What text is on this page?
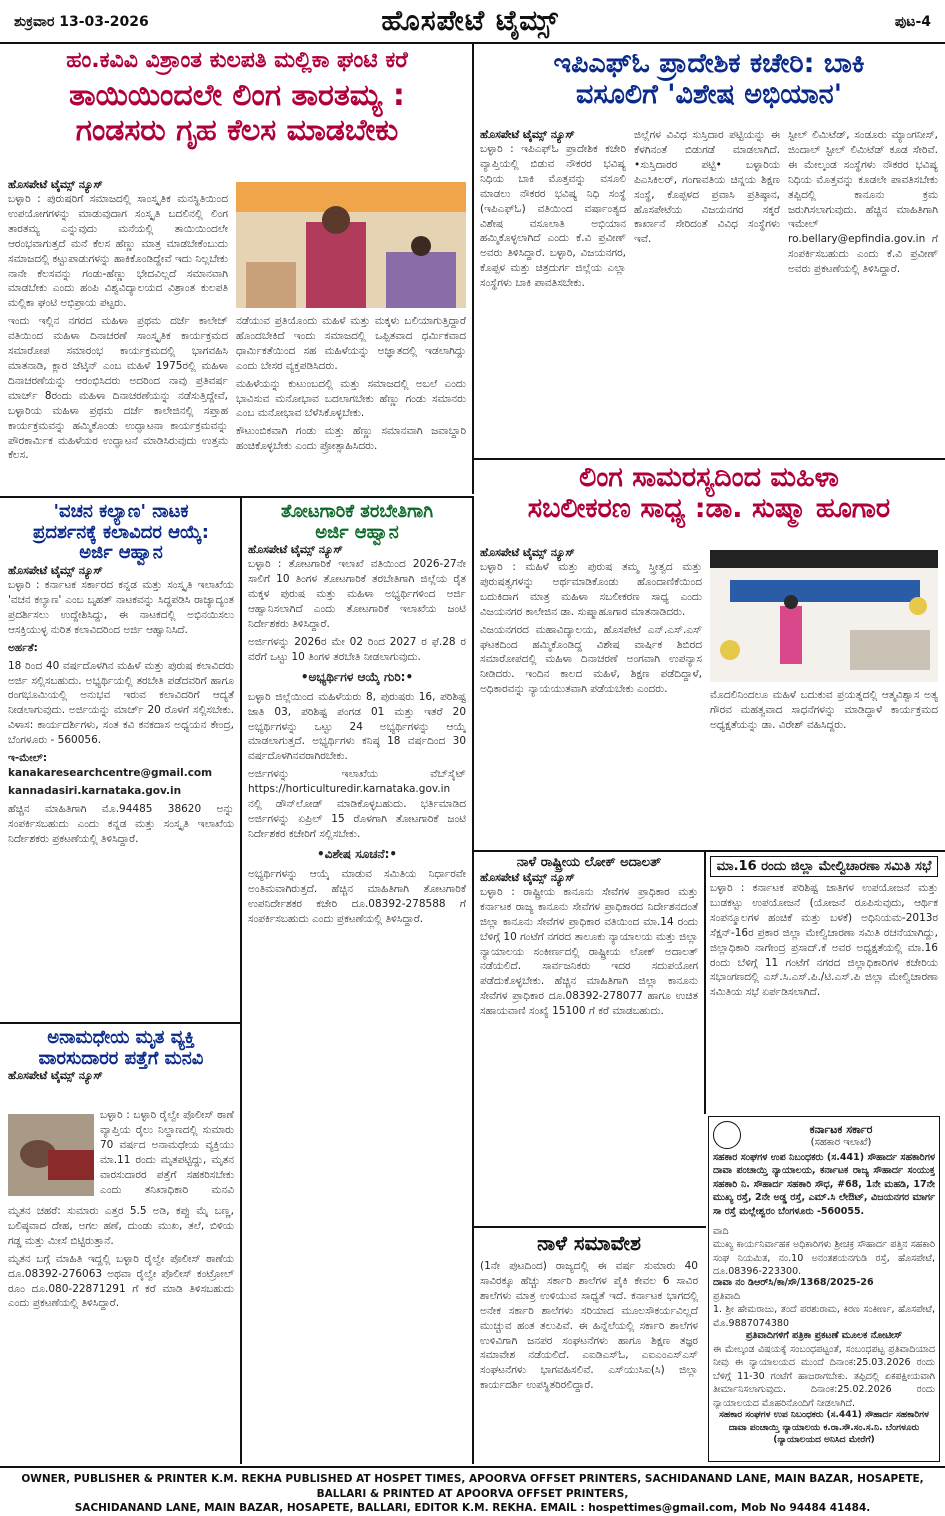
ಶುಕ್ರವಾರ 13-03-2026	ಹೊಸಪೇಟೆ ಟೈಮ್ಸ್	ಪುಟ-4
ಹಂ.ಕವಿವಿ ವಿಶ್ರಾಂತ ಕುಲಪತಿ ಮಲ್ಲಿಕಾ ಘಂಟಿ ಕರೆ
ತಾಯಿಯಿಂದಲೇ ಲಿಂಗ ತಾರತಮ್ಯ :
ಗಂಡಸರು ಗೃಹ ಕೆಲಸ ಮಾಡಬೇಕು
ಹೊಸಪೇಟೆ ಟೈಮ್ಸ್ ನ್ಯೂಸ್

ಬಳ್ಳಾರಿ : ಪುರುಷರಿಗೆ ಸಮಾಜದಲ್ಲಿ ಸಾಂಸ್ಕೃತಿಕ ಮನಸ್ಥಿತಿಯಿಂದ ಉಪಯೋಗಗಳನ್ನು ಮಾಡುವುದಾಗ ಸಂಸ್ಕೃತಿ ಬದಲಿನಲ್ಲಿ ಲಿಂಗ ತಾರತಮ್ಯ ಎನ್ನುವುದು ಮನೆಯಲ್ಲಿ ತಾಯಿಯಿಂದಲೇ ಆರಂಭವಾಗುತ್ತದೆ ಮನೆ ಕೆಲಸ ಹೆಣ್ಣು ಮಾತ್ರ ಮಾಡಬೇಕೆಂಬುದು ಸಮಾಜದಲ್ಲಿ ಕಟ್ಟುಪಾಡುಗಳನ್ನು ಹಾಕಿಕೊಂಡಿದ್ದೇವೆ ಇದು ನಿಲ್ಲಬೇಕು ನಾನೇ ಕೆಲಸವನ್ನು ಗಂಡು-ಹೆಣ್ಣು ಭೇದವಿಲ್ಲದೆ ಸಮಾನವಾಗಿ ಮಾಡಬೇಕು ಎಂದು ಹಂಪಿ ವಿಶ್ವವಿದ್ಯಾಲಯದ ವಿಶ್ರಾಂತ ಕುಲಪತಿ ಮಲ್ಲಿಕಾ ಘಂಟಿ ಅಭಿಪ್ರಾಯ ಪಟ್ಟರು.

ಇಂದು ಇಲ್ಲಿನ ನಗರದ ಮಹಿಳಾ ಪ್ರಥಮ ದರ್ಜೆ ಕಾಲೇಜ್ ವತಿಯಿಂದ ಮಹಿಳಾ ದಿನಾಚರಣೆ ಸಾಂಸ್ಕೃತಿಕ ಕಾರ್ಯಕ್ರಮದ ಸಮಾರೋಪ ಸಮಾರಂಭ ಕಾರ್ಯಕ್ರಮದಲ್ಲಿ ಭಾಗವಹಿಸಿ ಮಾತನಾಡಿ, ಕ್ಲಾರ ಜೆಟ್ಕಿನ್ ಎಂಬ ಮಹಿಳೆ 1975ರಲ್ಲಿ ಮಹಿಳಾ ದಿನಾಚರಣೆಯನ್ನು ಆರಂಭಿಸಿದರು ಅದರಿಂದ ನಾವು ಪ್ರತಿವರ್ಷ ಮಾರ್ಚ್ 8ರಂದು ಮಹಿಳಾ ದಿನಾಚರಣೆಯನ್ನು ನಡೆಸುತ್ತಿದ್ದೇವೆ, ಬಳ್ಳಾರಿಯ ಮಹಿಳಾ ಪ್ರಥಮ ದರ್ಜೆ ಕಾಲೇಜಿನಲ್ಲಿ ಸಪ್ತಾಹ ಕಾರ್ಯಕ್ರಮವನ್ನು ಹಮ್ಮಿಕೊಂಡು ಉದ್ಘಾಟನಾ ಕಾರ್ಯಕ್ರಮವನ್ನು ಪೌರಕಾರ್ಮಿಕ ಮಹಿಳೆಯರ ಉದ್ಘಾಟನೆ ಮಾಡಿಸಿರುವುದು ಉತ್ತಮ ಕೆಲಸ.

ನಡೆಯುವ ಪ್ರತಿಯೊಂದು ಮಹಿಳೆ ಮತ್ತು ಮಕ್ಕಳು ಬಲಿಯಾಗುತ್ತಿದ್ದಾರೆ ಹೊಂದಬೇಕಿದೆ ಇಂದು ಸಮಾಜದಲ್ಲಿ ಒಪ್ಪಿತವಾದ ಧರ್ಮಿಕವಾದ ಧಾರ್ಮಿಕತೆಯಿಂದ ಸಹ ಮಹಿಳೆಯನ್ನು ಅಜ್ಞಾತದಲ್ಲಿ ಇಡಲಾಗಿದ್ದು ಎಂದು ಬೇಸರ ವ್ಯಕ್ತಪಡಿಸಿದರು.

ಮಹಿಳೆಯನ್ನು ಕುಟುಂಬದಲ್ಲಿ ಮತ್ತು ಸಮಾಜದಲ್ಲಿ ಅಬಲೆ ಎಂದು ಭಾವಿಸುವ ಮನೋಭಾವ ಬದಲಾಗಬೇಕು ಹೆಣ್ಣು ಗಂಡು ಸಮಾನರು ಎಂಬ ಮನೋಭಾವ ಬೆಳೆಸಿಕೊಳ್ಳಬೇಕು.

ಕೌಟುಂಬಿಕವಾಗಿ ಗಂಡು ಮತ್ತು ಹೆಣ್ಣು ಸಮಾನವಾಗಿ ಜವಾಬ್ದಾರಿ ಹಂಚಿಕೊಳ್ಳಬೇಕು ಎಂದು ಪ್ರೋತ್ಸಾಹಿಸಿದರು.

ಇಪಿಎಫ್‌ಓ ಪ್ರಾದೇಶಿಕ ಕಚೇರಿ: ಬಾಕಿ
ವಸೂಲಿಗೆ 'ವಿಶೇಷ ಅಭಿಯಾನ'
ಹೊಸಪೇಟೆ ಟೈಮ್ಸ್ ನ್ಯೂಸ್
ಬಳ್ಳಾರಿ : ಇಪಿಎಫ್‌ಓ ಪ್ರಾದೇಶಿಕ ಕಚೇರಿ ವ್ಯಾಪ್ತಿಯಲ್ಲಿ ಬಿಡುವ ನೌಕರರ ಭವಿಷ್ಯ ನಿಧಿಯ ಬಾಕಿ ಮೊತ್ತವನ್ನು ವಸೂಲಿ ಮಾಡಲು ನೌಕರರ ಭವಿಷ್ಯ ನಿಧಿ ಸಂಸ್ಥೆ (ಇಪಿಎಫ್‌ಓ) ವತಿಯಿಂದ ವರ್ಷಾಂತ್ಯದ ವಿಶೇಷ ವಸೂಲಾತಿ ಅಭಿಯಾನ ಹಮ್ಮಿಕೊಳ್ಳಲಾಗಿದೆ ಎಂದು ಕೆ.ವಿ ಪ್ರವೀಣ್ ಅವರು ತಿಳಿಸಿದ್ದಾರೆ. ಬಳ್ಳಾರಿ, ವಿಜಯನಗರ, ಕೊಪ್ಪಳ ಮತ್ತು ಚಿತ್ರದುರ್ಗ ಜಿಲ್ಲೆಯ ಎಲ್ಲಾ ಸಂಸ್ಥೆಗಳು ಬಾಕಿ ಪಾವತಿಸಬೇಕು.
ಜಿಲ್ಲೆಗಳ ವಿವಿಧ ಸುಸ್ತಿದಾರ ಪಟ್ಟಿಯನ್ನು ಈ ಕೆಳಗಿನಂತೆ ಬಿಡುಗಡೆ ಮಾಡಲಾಗಿದೆ. •ಸುಸ್ತಿದಾರರ ಪಟ್ಟಿ• ಬಳ್ಳಾರಿಯ ಪಿಎಸಿಕಿಲರ್, ಗಂಗಾವತಿಯ ಚಿನ್ನಯ ಶಿಕ್ಷಣ ಸಂಸ್ಥೆ, ಕೊಪ್ಪಳದ ಪ್ರವಾಸಿ ಪ್ರತಿಷ್ಠಾನ, ಹೊಸಪೇಟೆಯ ವಿಜಯನಗರ ಸಕ್ಕರೆ ಕಾರ್ಖಾನೆ ಸೇರಿದಂತೆ ವಿವಿಧ ಸಂಸ್ಥೆಗಳು ಇವೆ.
ಸ್ಟೀಲ್ ಲಿಮಿಟೆಡ್, ಸಂಡೂರು ಮ್ಯಾಂಗನೀಸ್, ಜಿಂದಾಲ್ ಸ್ಟೀಲ್ ಲಿಮಿಟೆಡ್ ಕೂಡ ಸೇರಿವೆ. ಈ ಮೇಲ್ಕಂಡ ಸಂಸ್ಥೆಗಳು ನೌಕರರ ಭವಿಷ್ಯ ನಿಧಿಯ ಮೊತ್ತವನ್ನು ಕೂಡಲೇ ಪಾವತಿಸಬೇಕು ತಪ್ಪಿದಲ್ಲಿ ಕಾನೂನು ಕ್ರಮ ಜರುಗಿಸಲಾಗುವುದು. ಹೆಚ್ಚಿನ ಮಾಹಿತಿಗಾಗಿ ಇಮೇಲ್ ro.bellary@epfindia.gov.in ಗೆ ಸಂಪರ್ಕಿಸಬಹುದು ಎಂದು ಕೆ.ವಿ ಪ್ರವೀಣ್ ಅವರು ಪ್ರಕಟಣೆಯಲ್ಲಿ ತಿಳಿಸಿದ್ದಾರೆ.
ಲಿಂಗ ಸಾಮರಸ್ಯದಿಂದ ಮಹಿಳಾ
ಸಬಲೀಕರಣ ಸಾಧ್ಯ :ಡಾ. ಸುಷ್ಮಾ ಹೂಗಾರ
ಹೊಸಪೇಟೆ ಟೈಮ್ಸ್ ನ್ಯೂಸ್

ಬಳ್ಳಾರಿ : ಮಹಿಳೆ ಮತ್ತು ಪುರುಷ ತಮ್ಮ ಸ್ತ್ರೀತ್ವದ ಮತ್ತು ಪುರುಷತ್ವಗಳನ್ನು ಅರ್ಥಮಾಡಿಕೊಂಡು ಹೊಂದಾಣಿಕೆಯಿಂದ ಬದುಕಿದಾಗ ಮಾತ್ರ ಮಹಿಳಾ ಸಬಲೀಕರಣ ಸಾಧ್ಯ ಎಂದು ವಿಜಯನಗರ ಕಾಲೇಜಿನ ಡಾ. ಸುಷ್ಮಾಹೂಗಾರ ಮಾತನಾಡಿದರು.

ವಿಜಯನಗರದ ಮಹಾವಿದ್ಯಾಲಯ, ಹೊಸಪೇಟೆ ಎನ್.ಎಸ್.ಎಸ್ ಘಟಕದಿಂದ ಹಮ್ಮಿಕೊಂಡಿದ್ದ ವಿಶೇಷ ವಾರ್ಷಿಕ ಶಿಬಿರದ ಸಮಾರೋಪದಲ್ಲಿ ಮಹಿಳಾ ದಿನಾಚರಣೆ ಅಂಗವಾಗಿ ಉಪನ್ಯಾಸ ನೀಡಿದರು. ಇಂದಿನ ಕಾಲದ ಮಹಿಳೆ, ಶಿಕ್ಷಣ ಪಡೆದಿದ್ದಾಳೆ, ಅಧಿಕಾರವನ್ನು ನ್ಯಾಯಯುತವಾಗಿ ಪಡೆಯಬೇಕು ಎಂದರು.	ಮೊದಲಿನಿಂದಲೂ ಮಹಿಳೆ ಬದುಕುವ ಪ್ರಯತ್ನದಲ್ಲಿ ಆತ್ಮವಿಶ್ವಾಸ ಅತ್ಯ ಗೌರವ ಮಹತ್ವವಾದ ಸಾಧನೆಗಳನ್ನು ಮಾಡಿದ್ದಾಳೆ ಕಾರ್ಯಕ್ರಮದ ಅಧ್ಯಕ್ಷತೆಯನ್ನು ಡಾ. ವಿರೇಶ್ ವಹಿಸಿದ್ದರು.
'ವಚನ ಕಲ್ಯಾಣ' ನಾಟಕ
ಪ್ರದರ್ಶನಕ್ಕೆ ಕಲಾವಿದರ ಆಯ್ಕೆ:
ಅರ್ಜಿ ಆಹ್ವಾನ
ಹೊಸಪೇಟೆ ಟೈಮ್ಸ್ ನ್ಯೂಸ್

ಬಳ್ಳಾರಿ : ಕರ್ನಾಟಕ ಸರ್ಕಾರದ ಕನ್ನಡ ಮತ್ತು ಸಂಸ್ಕೃತಿ ಇಲಾಖೆಯ 'ವಚನ ಕಲ್ಯಾಣ' ಎಂಬ ಬೃಹತ್ ನಾಟಕವನ್ನು ಸಿದ್ಧಪಡಿಸಿ ರಾಜ್ಯಾದ್ಯಂತ ಪ್ರದರ್ಶಿಸಲು ಉದ್ದೇಶಿಸಿದ್ದು, ಈ ನಾಟಕದಲ್ಲಿ ಅಭಿನಯಿಸಲು ಆಸಕ್ತಿಯುಳ್ಳ ನುರಿತ ಕಲಾವಿದರಿಂದ ಅರ್ಜಿ ಆಹ್ವಾನಿಸಿದೆ.

ಅರ್ಹತೆ:

18 ರಿಂದ 40 ವರ್ಷದೊಳಗಿನ ಮಹಿಳೆ ಮತ್ತು ಪುರುಷ ಕಲಾವಿದರು ಅರ್ಜಿ ಸಲ್ಲಿಸಬಹುದು. ಅಭ್ಯರ್ಥಿಯಲ್ಲಿ ತರಬೇತಿ ಪಡೆದವರಿಗೆ ಹಾಗೂ ರಂಗಭೂಮಿಯಲ್ಲಿ ಅನುಭವ ಇರುವ ಕಲಾವಿದರಿಗೆ ಆದ್ಯತೆ ನೀಡಲಾಗುವುದು. ಅರ್ಜಿಯನ್ನು ಮಾರ್ಚ್ 20 ರೊಳಗೆ ಸಲ್ಲಿಸಬೇಕು. ವಿಳಾಸ: ಕಾರ್ಯದರ್ಶಿಗಳು, ಸಂತ ಕವಿ ಕನಕದಾಸ ಅಧ್ಯಯನ ಕೇಂದ್ರ, ಬೆಂಗಳೂರು - 560056.

ಇ-ಮೇಲ್: kanakaresearchcentre@gmail.com

kannadasiri.karnataka.gov.in

ಹೆಚ್ಚಿನ ಮಾಹಿತಿಗಾಗಿ ಮೊ.94485 38620 ಅನ್ನು ಸಂಪರ್ಕಿಸಬಹುದು ಎಂದು ಕನ್ನಡ ಮತ್ತು ಸಂಸ್ಕೃತಿ ಇಲಾಖೆಯ ನಿರ್ದೇಶಕರು ಪ್ರಕಟಣೆಯಲ್ಲಿ ತಿಳಿಸಿದ್ದಾರೆ.

ಅನಾಮಧೇಯ ಮೃತ ವ್ಯಕ್ತಿ
ವಾರಸುದಾರರ ಪತ್ತೆಗೆ ಮನವಿ
ಹೊಸಪೇಟೆ ಟೈಮ್ಸ್ ನ್ಯೂಸ್
ಬಳ್ಳಾರಿ : ಬಳ್ಳಾರಿ ರೈಲ್ವೇ ಪೊಲೀಸ್ ಠಾಣೆ ವ್ಯಾಪ್ತಿಯ ರೈಲು ನಿಲ್ದಾಣದಲ್ಲಿ ಸುಮಾರು 70 ವರ್ಷದ ಅನಾಮಧೇಯ ವ್ಯಕ್ತಿಯು ಮಾ.11 ರಂದು ಮೃತಪಟ್ಟಿದ್ದು, ಮೃತನ ವಾರಸುದಾರರ ಪತ್ತೆಗೆ ಸಹಕರಿಸಬೇಕು ಎಂದು ತನಿಖಾಧಿಕಾರಿ ಮನವಿ

ಮೃತನ ಚಹರೆ: ಸುಮಾರು ಎತ್ತರ 5.5 ಅಡಿ, ಕಪ್ಪು ಮೈ ಬಣ್ಣ, ಬಲಿಷ್ಠವಾದ ದೇಹ, ಅಗಲ ಹಣೆ, ದುಂಡು ಮುಖ, ತಲೆ, ಬಿಳಿಯ ಗಡ್ಡ ಮತ್ತು ಮೀಸೆ ಬಿಟ್ಟಿರುತ್ತಾನೆ.

ಮೃತನ ಬಗ್ಗೆ ಮಾಹಿತಿ ಇದ್ದಲ್ಲಿ ಬಳ್ಳಾರಿ ರೈಲ್ವೇ ಪೊಲೀಸ್ ಠಾಣೆಯ ದೂ.08392-276063 ಅಥವಾ ರೈಲ್ವೇ ಪೊಲೀಸ್ ಕಂಟ್ರೋಲ್ ರೂಂ ದೂ.080-22871291 ಗೆ ಕರೆ ಮಾಡಿ ತಿಳಿಸಬಹುದು ಎಂದು ಪ್ರಕಟಣೆಯಲ್ಲಿ ತಿಳಿಸಿದ್ದಾರೆ.

ತೋಟಗಾರಿಕೆ ತರಬೇತಿಗಾಗಿ
ಅರ್ಜಿ ಆಹ್ವಾನ
ಹೊಸಪೇಟೆ ಟೈಮ್ಸ್ ನ್ಯೂಸ್

ಬಳ್ಳಾರಿ : ತೋಟಗಾರಿಕೆ ಇಲಾಖೆ ವತಿಯಿಂದ 2026-27ನೇ ಸಾಲಿಗೆ 10 ತಿಂಗಳ ತೋಟಗಾರಿಕೆ ತರಬೇತಿಗಾಗಿ ಜಿಲ್ಲೆಯ ರೈತ ಮಕ್ಕಳ ಪುರುಷ ಮತ್ತು ಮಹಿಳಾ ಅಭ್ಯರ್ಥಿಗಳಿಂದ ಅರ್ಜಿ ಆಹ್ವಾನಿಸಲಾಗಿದೆ ಎಂದು ತೋಟಗಾರಿಕೆ ಇಲಾಖೆಯ ಜಂಟಿ ನಿರ್ದೇಶಕರು ತಿಳಿಸಿದ್ದಾರೆ.

ಅರ್ಜಿಗಳನ್ನು 2026ರ ಮೇ 02 ರಿಂದ 2027 ರ ಫೆ.28 ರ ವರೆಗೆ ಒಟ್ಟು 10 ತಿಂಗಳ ತರಬೇತಿ ನೀಡಲಾಗುವುದು.

•ಅಭ್ಯರ್ಥಿಗಳ ಆಯ್ಕೆ ಗುರಿ:•

ಬಳ್ಳಾರಿ ಜಿಲ್ಲೆಯಿಂದ ಮಹಿಳೆಯರು 8, ಪುರುಷರು 16, ಪರಿಶಿಷ್ಟ ಜಾತಿ 03, ಪರಿಶಿಷ್ಟ ಪಂಗಡ 01 ಮತ್ತು ಇತರೆ 20 ಅಭ್ಯರ್ಥಿಗಳನ್ನು ಒಟ್ಟು 24 ಅಭ್ಯರ್ಥಿಗಳನ್ನು ಆಯ್ಕೆ ಮಾಡಲಾಗುತ್ತದೆ. ಅಭ್ಯರ್ಥಿಗಳು ಕನಿಷ್ಠ 18 ವರ್ಷದಿಂದ 30 ವರ್ಷದೊಳಗಿನವರಾಗಿರಬೇಕು.

ಅರ್ಜಿಗಳನ್ನು ಇಲಾಖೆಯ ವೆಬ್‌ಸೈಟ್ https://horticulturedir.karnataka.gov.in ನಲ್ಲಿ ಡೌನ್‌ಲೋಡ್ ಮಾಡಿಕೊಳ್ಳಬಹುದು. ಭರ್ತಿಮಾಡಿದ ಅರ್ಜಿಗಳನ್ನು ಏಪ್ರಿಲ್ 15 ರೊಳಗಾಗಿ ತೋಟಗಾರಿಕೆ ಜಂಟಿ ನಿರ್ದೇಶಕರ ಕಚೇರಿಗೆ ಸಲ್ಲಿಸಬೇಕು.

•ವಿಶೇಷ ಸೂಚನೆ:•

ಅಭ್ಯರ್ಥಿಗಳನ್ನು ಆಯ್ಕೆ ಮಾಡುವ ಸಮಿತಿಯ ನಿರ್ಧಾರವೇ ಅಂತಿಮವಾಗಿರುತ್ತದೆ. ಹೆಚ್ಚಿನ ಮಾಹಿತಿಗಾಗಿ ತೋಟಗಾರಿಕೆ ಉಪನಿರ್ದೇಶಕರ ಕಚೇರಿ ದೂ.08392-278588 ಗೆ ಸಂಪರ್ಕಿಸಬಹುದು ಎಂದು ಪ್ರಕಟಣೆಯಲ್ಲಿ ತಿಳಿಸಿದ್ದಾರೆ.

ನಾಳೆ ರಾಷ್ಟ್ರೀಯ ಲೋಕ್ ಅದಾಲತ್
ಹೊಸಪೇಟೆ ಟೈಮ್ಸ್ ನ್ಯೂಸ್
ಬಳ್ಳಾರಿ : ರಾಷ್ಟ್ರೀಯ ಕಾನೂನು ಸೇವೆಗಳ ಪ್ರಾಧಿಕಾರ ಮತ್ತು ಕರ್ನಾಟಕ ರಾಜ್ಯ ಕಾನೂನು ಸೇವೆಗಳ ಪ್ರಾಧಿಕಾರದ ನಿರ್ದೇಶನದಂತೆ ಜಿಲ್ಲಾ ಕಾನೂನು ಸೇವೆಗಳ ಪ್ರಾಧಿಕಾರ ವತಿಯಿಂದ ಮಾ.14 ರಂದು ಬೆಳಿಗ್ಗೆ 10 ಗಂಟೆಗೆ ನಗರದ ತಾಲೂಕು ನ್ಯಾಯಾಲಯ ಮತ್ತು ಜಿಲ್ಲಾ ನ್ಯಾಯಾಲಯ ಸಂಕೀರ್ಣದಲ್ಲಿ ರಾಷ್ಟ್ರೀಯ ಲೋಕ್ ಅದಾಲತ್ ನಡೆಯಲಿದೆ. ಸಾರ್ವಜನಿಕರು ಇದರ ಸದುಪಯೋಗ ಪಡೆದುಕೊಳ್ಳಬೇಕು. ಹೆಚ್ಚಿನ ಮಾಹಿತಿಗಾಗಿ ಜಿಲ್ಲಾ ಕಾನೂನು ಸೇವೆಗಳ ಪ್ರಾಧಿಕಾರ ದೂ.08392-278077 ಹಾಗೂ ಉಚಿತ ಸಹಾಯವಾಣಿ ಸಂಖ್ಯೆ 15100 ಗೆ ಕರೆ ಮಾಡಬಹುದು.
ಮಾ.16 ರಂದು ಜಿಲ್ಲಾ ಮೇಲ್ವಿಚಾರಣಾ ಸಮಿತಿ ಸಭೆ
ಬಳ್ಳಾರಿ : ಕರ್ನಾಟಕ ಪರಿಶಿಷ್ಟ ಜಾತಿಗಳ ಉಪಯೋಜನೆ ಮತ್ತು ಬುಡಕಟ್ಟು ಉಪಯೋಜನೆ (ಯೋಜನೆ ರೂಪಿಸುವುದು, ಆರ್ಥಿಕ ಸಂಪನ್ಮೂಲಗಳ ಹಂಚಿಕೆ ಮತ್ತು ಬಳಕೆ) ಅಧಿನಿಯಮ-2013ರ ಸೆಕ್ಷನ್-16ರ ಪ್ರಕಾರ ಜಿಲ್ಲಾ ಮೇಲ್ವಿಚಾರಣಾ ಸಮಿತಿ ರಚನೆಯಾಗಿದ್ದು, ಜಿಲ್ಲಾಧಿಕಾರಿ ನಾಗೇಂದ್ರ ಪ್ರಸಾದ್.ಕೆ ಅವರ ಅಧ್ಯಕ್ಷತೆಯಲ್ಲಿ ಮಾ.16 ರಂದು ಬೆಳಿಗ್ಗೆ 11 ಗಂಟೆಗೆ ನಗರದ ಜಿಲ್ಲಾಧಿಕಾರಿಗಳ ಕಚೇರಿಯ ಸಭಾಂಗಣದಲ್ಲಿ ಎಸ್.ಸಿ.ಎಸ್.ಪಿ./ಟಿ.ಎಸ್.ಪಿ ಜಿಲ್ಲಾ ಮೇಲ್ವಿಚಾರಣಾ ಸಮಿತಿಯ ಸಭೆ ಏರ್ಪಡಿಸಲಾಗಿದೆ.
ನಾಳೆ ಸಮಾವೇಶ
(1ನೇ ಪುಟದಿಂದ) ರಾಜ್ಯದಲ್ಲಿ ಈ ವರ್ಷ ಸುಮಾರು 40 ಸಾವಿರಕ್ಕೂ ಹೆಚ್ಚು ಸರ್ಕಾರಿ ಶಾಲೆಗಳ ಪೈಕಿ ಕೇವಲ 6 ಸಾವಿರ ಶಾಲೆಗಳು ಮಾತ್ರ ಉಳಿಯುವ ಸಾಧ್ಯತೆ ಇದೆ. ಕರ್ನಾಟಕ ಭಾಗದಲ್ಲಿ ಅನೇಕ ಸರ್ಕಾರಿ ಶಾಲೆಗಳು ಸರಿಯಾದ ಮೂಲಸೌಕರ್ಯವಿಲ್ಲದೆ ಮುಚ್ಚುವ ಹಂತ ತಲುಪಿವೆ. ಈ ಹಿನ್ನೆಲೆಯಲ್ಲಿ ಸರ್ಕಾರಿ ಶಾಲೆಗಳ ಉಳಿವಿಗಾಗಿ ಜನಪರ ಸಂಘಟನೆಗಳು ಹಾಗೂ ಶಿಕ್ಷಣ ತಜ್ಞರ ಸಮಾವೇಶ ನಡೆಯಲಿದೆ. ಎಐಡಿಎಸ್‌ಓ, ಎಐಎಂಎಸ್‌ಎಸ್ ಸಂಘಟನೆಗಳು ಭಾಗವಹಿಸಲಿವೆ. ಎಸ್‌ಯುಸಿಐ(ಸಿ) ಜಿಲ್ಲಾ ಕಾರ್ಯದರ್ಶಿ ಉಪಸ್ಥಿತರಿರಲಿದ್ದಾರೆ.
ಕರ್ನಾಟಕ ಸರ್ಕಾರ
(ಸಹಕಾರ ಇಲಾಖೆ)
ಸಹಕಾರ ಸಂಘಗಳ ಉಪ ನಿಬಂಧಕರು (ಸ.441) ಸೌಹಾರ್ದ ಸಹಕಾರಿಗಳ ದಾವಾ ಪಂಚಾಯ್ತಿ ನ್ಯಾಯಾಲಯ, ಕರ್ನಾಟಕ ರಾಜ್ಯ ಸೌಹಾರ್ದ ಸಂಯುಕ್ತ ಸಹಕಾರಿ ನಿ. ಸೌಹಾರ್ದ ಸಹಕಾರಿ ಸೌಧ, #68, 1ನೇ ಮಹಡಿ, 17ನೇ ಮುಖ್ಯ ರಸ್ತೆ, 2ನೇ ಅಡ್ಡ ರಸ್ತೆ, ಎಮ್.ಸಿ ಲೇಔಟ್, ವಿಜಯನಗರ ಮಾರ್ಗ ಸಾ ರಸ್ತೆ ಮಲ್ಲೇಶ್ವರಂ ಬೆಂಗಳೂರು -560055.
ವಾದಿ
ಮುಖ್ಯ ಕಾರ್ಯನಿರ್ವಾಹಕ ಅಧಿಕಾರಿಗಳು ಶ್ರೀಚಕ್ರ ಸೌಹಾರ್ದ ಪತ್ತಿನ ಸಹಕಾರಿ ಸಂಘ ನಿಯಮಿತ, ನಂ.10 ಅನಂತಶಯನಗುಡಿ ರಸ್ತೆ, ಹೊಸಪೇಟೆ, ದೂ.08396-223300.
ದಾವಾ ನಂ ಡಿಆರ್‌ಸಿ/ಕಾ/ಸೌ/1368/2025-26
ಪ್ರತಿವಾದಿ
1. ಶ್ರೀ ಹೇಮರಾಜು, ತಂದೆ ಪರಶುರಾಮ, ಕಿರಣ ಸಂಕೀರ್ಣ, ಹೊಸಪೇಟೆ, ಮೊ.9887074380
ಪ್ರತಿವಾದಿಗಳಿಗೆ ಪತ್ರಿಕಾ ಪ್ರಕಟಣೆ ಮೂಲಕ ನೋಟೀಸ್
ಈ ಮೇಲ್ಕಂಡ ವಿಷಯಕ್ಕೆ ಸಂಬಂಧಪಟ್ಟಂತೆ, ಸಂಬಂಧಪಟ್ಟ ಪ್ರತಿವಾದಿಯಾದ ನೀವು ಈ ನ್ಯಾಯಾಲಯದ ಮುಂದೆ ದಿನಾಂಕ:25.03.2026 ರಂದು ಬೆಳಿಗ್ಗೆ 11-30 ಗಂಟೆಗೆ ಹಾಜರಾಗಬೇಕು. ತಪ್ಪಿದಲ್ಲಿ ಏಕಪಕ್ಷೀಯವಾಗಿ ತೀರ್ಮಾನಿಸಲಾಗುವುದು. ದಿನಾಂಕ:25.02.2026 ರಂದು ನ್ಯಾಯಾಲಯದ ಮೊಹರಿನೊಂದಿಗೆ ನೀಡಲಾಗಿದೆ.
ಸಹಕಾರ ಸಂಘಗಳ ಉಪ ನಿಬಂಧಕರು (ಸ.441) ಸೌಹಾರ್ದ ಸಹಕಾರಿಗಳ ದಾವಾ ಪಂಚಾಯ್ತಿ ನ್ಯಾಯಾಲಯ ಕ.ರಾ.ಸೌ.ಸಂ.ಸ.ನಿ. ಬೆಂಗಳೂರು (ನ್ಯಾಯಾಲಯದ ಅನಿಸಿದ ಮೇರೆಗೆ)
OWNER, PUBLISHER & PRINTER K.M. REKHA PUBLISHED AT HOSPET TIMES, APOORVA OFFSET PRINTERS, SACHIDANAND LANE, MAIN BAZAR, HOSAPETE, BALLARI & PRINTED AT APOORVA OFFSET PRINTERS,
SACHIDANAND LANE, MAIN BAZAR, HOSAPETE, BALLARI, EDITOR K.M. REKHA. EMAIL : hospettimes@gmail.com, Mob No 94484 41484.
